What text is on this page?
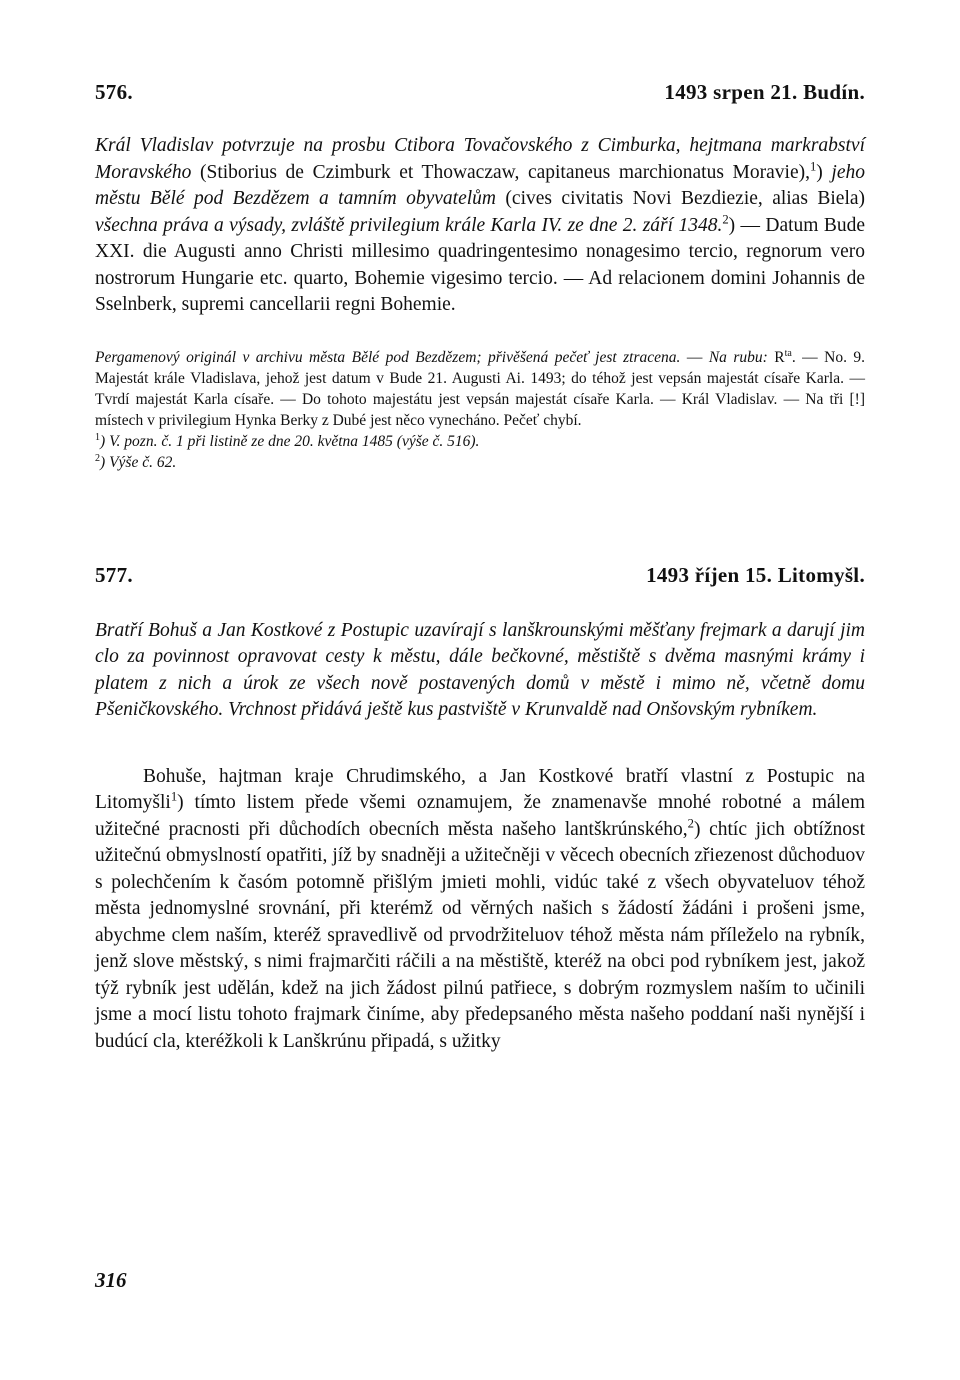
576.	1493 srpen 21. Budín.

Král Vladislav potvrzuje na prosbu Ctibora Tovačovského z Cimburka, hejtmana markrabství Moravského (Stiborius de Czimburk et Thowaczaw, capitaneus marchionatus Moravie),$^1$) jeho městu Bělé pod Bezdězem a tamním obyvatelům (cives civitatis Novi Bezdiezie, alias Biela) všechna práva a výsady, zvláště privilegium krále Karla IV. ze dne 2. září 1348.$^2$) — Datum Bude XXI. die Augusti anno Christi millesimo quadringentesimo nonagesimo tercio, regnorum vero nostrorum Hungarie etc. quarto, Bohemie vigesimo tercio. — Ad relacionem domini Johannis de Sselnberk, supremi cancellarii regni Bohemie.

Pergamenový originál v archivu města Bělé pod Bezdězem; přivěšená pečeť jest ztracena. — Na rubu: $R^{ta}$. — No. 9. Majestát krále Vladislava, jehož jest datum v Bude 21. Augusti Ai. 1493; do téhož jest vepsán majestát císaře Karla. — Tvrdí majestát Karla císaře. — Do tohoto majestátu jest vepsán majestát císaře Karla. — Král Vladislav. — Na tři [!] místech v privilegium Hynka Berky z Dubé jest něco vynecháno. Pečeť chybí.

$^1$) V. pozn. č. 1 při listině ze dne 20. května 1485 (výše č. 516).

$^2$) Výše č. 62.

577.	1493 říjen 15. Litomyšl.

Bratří Bohuš a Jan Kostkové z Postupic uzavírají s lanškrounskými měšťany frejmark a darují jim clo za povinnost opravovat cesty k městu, dále bečkovné, městiště s dvěma masnými krámy i platem z nich a úrok ze všech nově postavených domů v městě i mimo ně, včetně domu Pšeničkovského. Vrchnost přidává ještě kus pastviště v Krunvaldě nad Onšovským rybníkem.

Bohuše, hajtman kraje Chrudimského, a Jan Kostkové bratří vlastní z Postupic na Litomyšli$^1$) tímto listem přede všemi oznamujem, že znamenavše mnohé robotné a málem užitečné pracnosti při důchodích obecních města našeho lantškrúnského,$^2$) chtíc jich obtížnost užitečnú obmyslností opatřiti, jíž by snadněji a užitečněji v věcech obecních zřiezenost důchoduov s polechčením k časóm potomně přišlým jmieti mohli, vidúc také z všech obyvateluov téhož města jednomyslné srovnání, při kterémž od věrných našich s žádostí žádáni i prošeni jsme, abychme clem naším, kteréž spravedlivě od prvodržiteluov téhož města nám příleželo na rybník, jenž slove městský, s nimi frajmarčiti ráčili a na městiště, kteréž na obci pod rybníkem jest, jakož týž rybník jest udělán, kdež na jich žádost pilnú patřiece, s dobrým rozmyslem naším to učinili jsme a mocí listu tohoto frajmark činíme, aby předepsaného města našeho poddaní naši nynější i budúcí cla, kteréžkoli k Lanškrúnu připadá, s užitky

316
